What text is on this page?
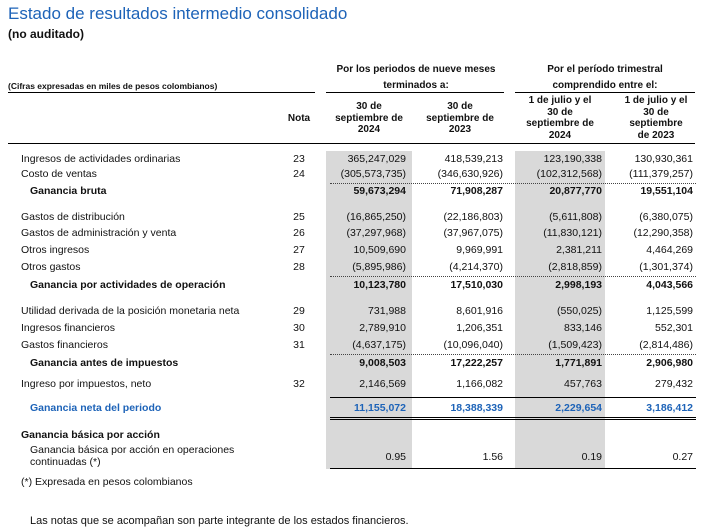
Estado de resultados intermedio consolidado
(no auditado)
Por los periodos de nueve meses
terminados a:
Por el período trimestral
comprendido entre el:
(Cifras expresadas en miles de pesos colombianos)
Nota
30 de
septiembre de
2024
30 de
septiembre de
2023
1 de julio y el
30 de
septiembre de
2024
1 de julio y el
30 de
septiembre
de 2023
Ingresos de actividades ordinarias	23	365,247,029	418,539,213	123,190,338	130,930,361
Costo de ventas	24	(305,573,735)	(346,630,926)	(102,312,568)	(111,379,257)
Ganancia bruta	59,673,294	71,908,287	20,877,770	19,551,104
Gastos de distribución	25	(16,865,250)	(22,186,803)	(5,611,808)	(6,380,075)
Gastos de administración y venta	26	(37,297,968)	(37,967,075)	(11,830,121)	(12,290,358)
Otros ingresos	27	10,509,690	9,969,991	2,381,211	4,464,269
Otros gastos	28	(5,895,986)	(4,214,370)	(2,818,859)	(1,301,374)
Ganancia por actividades de operación	10,123,780	17,510,030	2,998,193	4,043,566
Utilidad derivada de la posición monetaria neta	29	731,988	8,601,916	(550,025)	1,125,599
Ingresos financieros	30	2,789,910	1,206,351	833,146	552,301
Gastos financieros	31	(4,637,175)	(10,096,040)	(1,509,423)	(2,814,486)
Ganancia antes de impuestos	9,008,503	17,222,257	1,771,891	2,906,980
Ingreso por impuestos, neto	32	2,146,569	1,166,082	457,763	279,432
Ganancia neta del periodo	11,155,072	18,388,339	2,229,654	3,186,412
Ganancia básica por acción
Ganancia básica por acción en operaciones
continuadas (*)	0.95	1.56	0.19	0.27
(*) Expresada en pesos colombianos
Las notas que se acompañan son parte integrante de los estados financieros.
